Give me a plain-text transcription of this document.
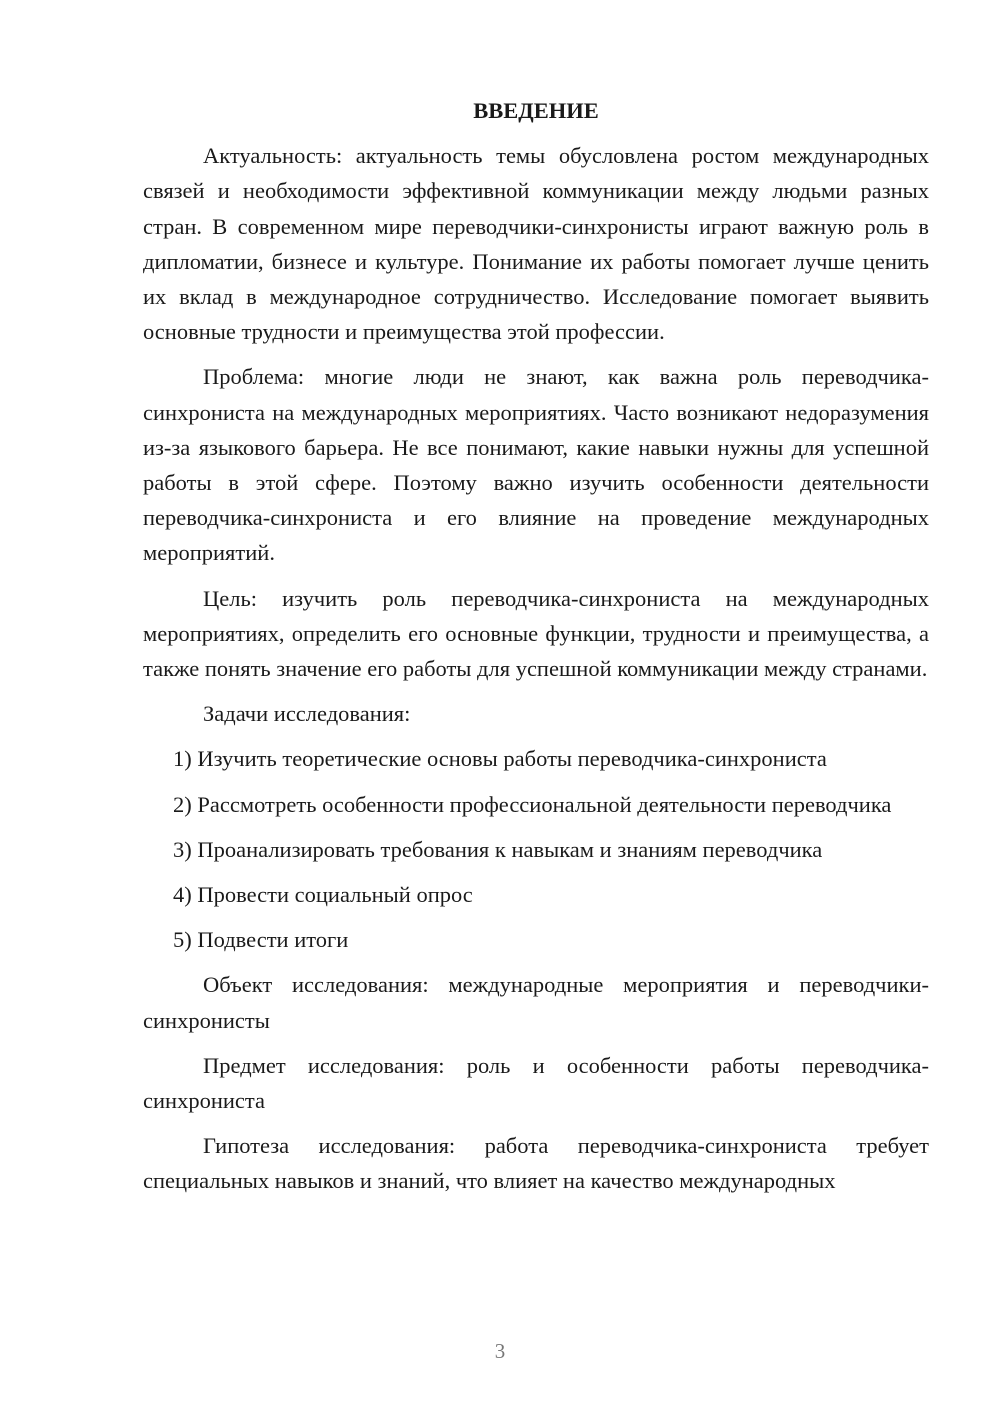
ВВЕДЕНИЕ

Актуальность: актуальность темы обусловлена ростом международных связей и необходимости эффективной коммуникации между людьми разных стран. В современном мире переводчики-синхронисты играют важную роль в дипломатии, бизнесе и культуре. Понимание их работы помогает лучше ценить их вклад в международное сотрудничество. Исследование помогает выявить основные трудности и преимущества этой профессии.

Проблема: многие люди не знают, как важна роль переводчика-синхрониста на международных мероприятиях. Часто возникают недоразумения из-за языкового барьера. Не все понимают, какие навыки нужны для успешной работы в этой сфере. Поэтому важно изучить особенности деятельности переводчика-синхрониста и его влияние на проведение международных мероприятий.

Цель: изучить роль переводчика-синхрониста на международных мероприятиях, определить его основные функции, трудности и преимущества, а также понять значение его работы для успешной коммуникации между странами.

Задачи исследования:

1) Изучить теоретические основы работы переводчика-синхрониста

2) Рассмотреть особенности профессиональной деятельности переводчика

3) Проанализировать требования к навыкам и знаниям переводчика

4) Провести социальный опрос

5) Подвести итоги

Объект исследования: международные мероприятия и переводчики-синхронисты

Предмет исследования: роль и особенности работы переводчика-синхрониста

Гипотеза исследования: работа переводчика-синхрониста требует специальных навыков и знаний, что влияет на качество международных

3
